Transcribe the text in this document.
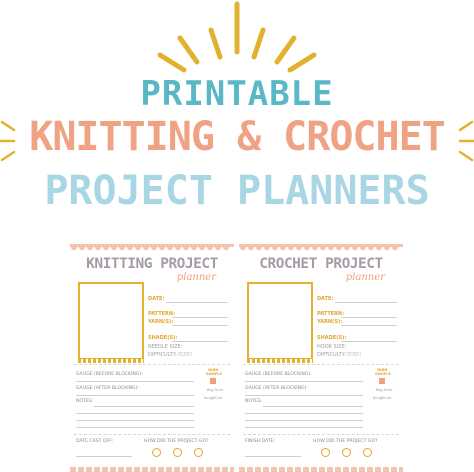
PRINTABLE
KNITTING & CROCHET
PROJECT PLANNERS
KNITTING PROJECT
planner
DATE:
PATTERN:
YARN(S):
SHADE(S):
NEEDLE SIZE:
DIFFICULTY: □□□□
GAUGE (BEFORE BLOCKING):
GAUGE (AFTER BLOCKING):
YARN SAMPLE
Buy here
bought on
NOTES:
DATE CAST OFF:	HOW DID THE PROJECT GO?
CROCHET PROJECT
planner
DATE:
PATTERN:
YARN(S):
SHADE(S):
HOOK SIZE:
DIFFICULTY: □□□□
GAUGE (BEFORE BLOCKING):
GAUGE (AFTER BLOCKING):
YARN SAMPLE
Buy here
bought on
NOTES:
FINISH DATE:	HOW DID THE PROJECT GO?
